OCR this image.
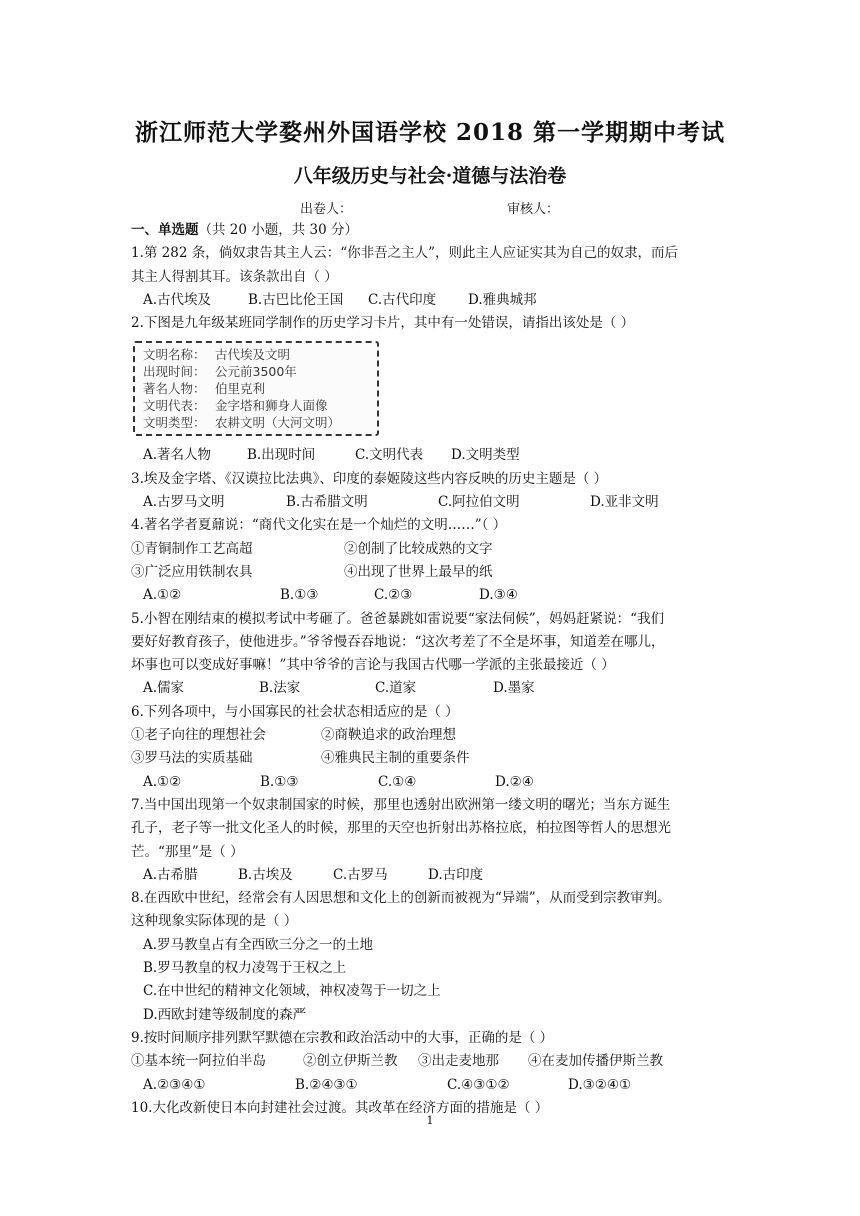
浙江师范大学婺州外国语学校 2018 第一学期期中考试
八年级历史与社会·道德与法治卷
出卷人：	审核人：
一、单选题（共 20 小题，共 30 分）
1.第 282 条，倘奴隶告其主人云：“你非吾之主人”，则此主人应证实其为自己的奴隶，而后
其主人得割其耳。该条款出自（ ）
A.古代埃及	B.古巴比伦王国	C.古代印度	D.雅典城邦
2.下图是九年级某班同学制作的历史学习卡片，其中有一处错误，请指出该处是（ ）
文明名称： 古代埃及文明
出现时间： 公元前3500年
著名人物： 伯里克利
文明代表： 金字塔和狮身人面像
文明类型： 农耕文明（大河文明）
A.著名人物	B.出现时间	C.文明代表	D.文明类型
3.埃及金字塔、《汉谟拉比法典》、印度的泰姬陵这些内容反映的历史主题是（ ）
A.古罗马文明	B.古希腊文明	C.阿拉伯文明	D.亚非文明
4.著名学者夏鼐说：“商代文化实在是一个灿烂的文明……”（ ）
①青铜制作工艺高超	②创制了比较成熟的文字
③广泛应用铁制农具	④出现了世界上最早的纸
A.①②	B.①③	C.②③	D.③④
5.小智在刚结束的模拟考试中考砸了。爸爸暴跳如雷说要“家法伺候”，妈妈赶紧说：“我们
要好好教育孩子，使他进步。”爷爷慢吞吞地说：“这次考差了不全是坏事，知道差在哪儿，
坏事也可以变成好事嘛！”其中爷爷的言论与我国古代哪一学派的主张最接近（ ）
A.儒家	B.法家	C.道家	D.墨家
6.下列各项中，与小国寡民的社会状态相适应的是（ ）
①老子向往的理想社会	②商鞅追求的政治理想
③罗马法的实质基础	④雅典民主制的重要条件
A.①②	B.①③	C.①④	D.②④
7.当中国出现第一个奴隶制国家的时候，那里也透射出欧洲第一缕文明的曙光；当东方诞生
孔子，老子等一批文化圣人的时候，那里的天空也折射出苏格拉底，柏拉图等哲人的思想光
芒。“那里”是（ ）
A.古希腊	B.古埃及	C.古罗马	D.古印度
8.在西欧中世纪，经常会有人因思想和文化上的创新而被视为“异端”，从而受到宗教审判。
这种现象实际体现的是（ ）
A.罗马教皇占有全西欧三分之一的土地
B.罗马教皇的权力凌驾于王权之上
C.在中世纪的精神文化领域，神权凌驾于一切之上
D.西欧封建等级制度的森严
9.按时间顺序排列默罕默德在宗教和政治活动中的大事，正确的是（ ）
①基本统一阿拉伯半岛	②创立伊斯兰教	③出走麦地那	④在麦加传播伊斯兰教
A.②③④①	B.②④③①	C.④③①②	D.③②④①
10.大化改新使日本向封建社会过渡。其改革在经济方面的措施是（ ）
1
